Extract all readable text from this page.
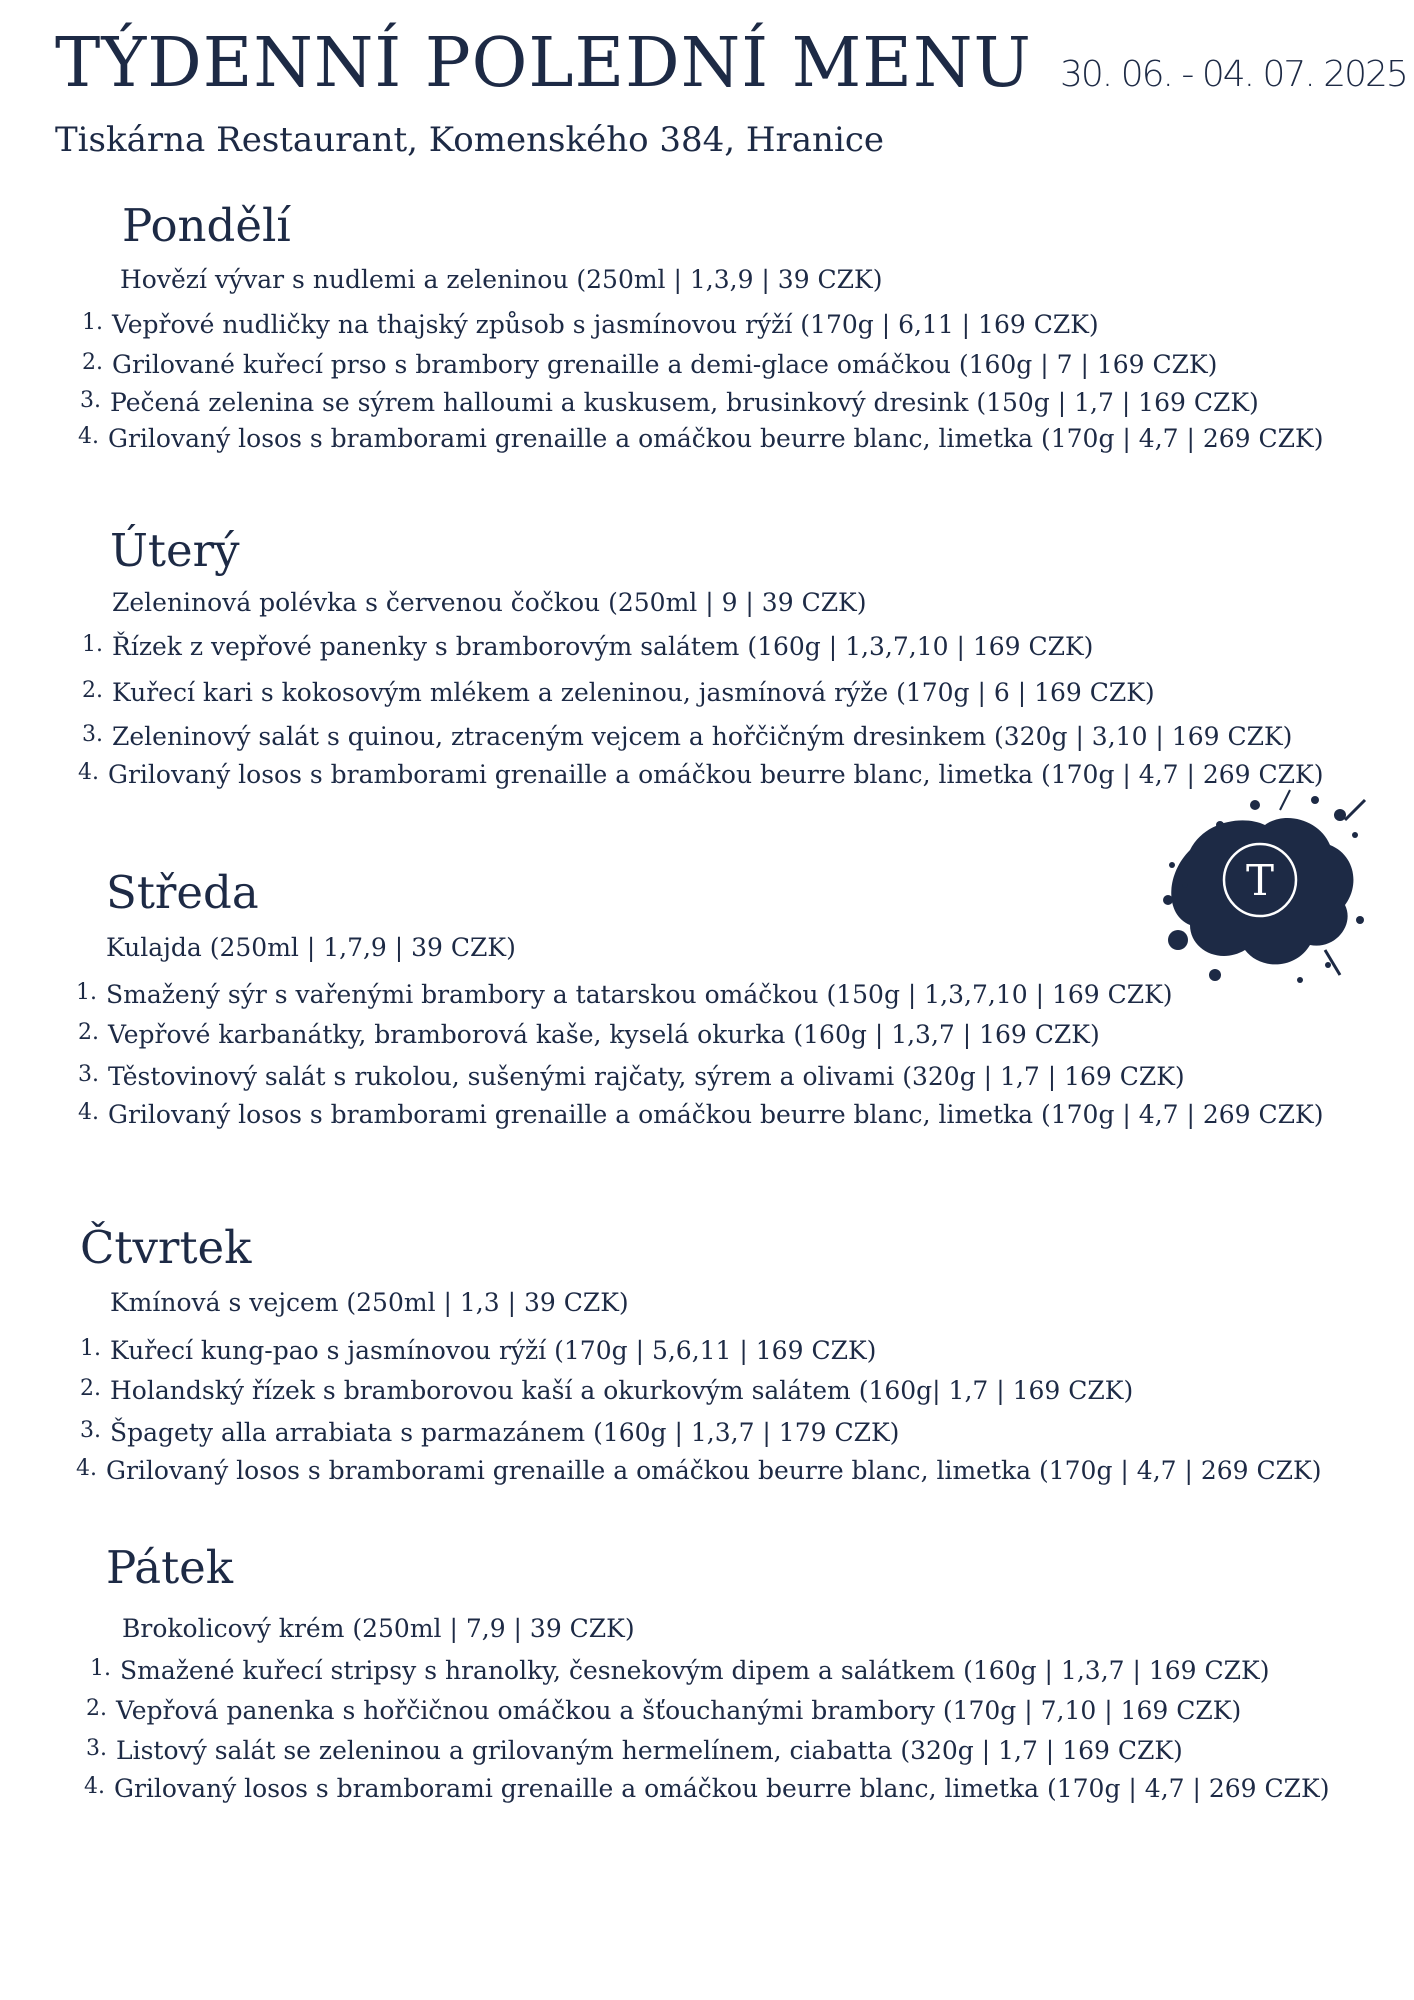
TÝDENNÍ POLEDNÍ MENU 30. 06. - 04. 07. 2025
Tiskárna Restaurant, Komenského 384, Hranice
T
Pondělí
Hovězí vývar s nudlemi a zeleninou (250ml | 1,3,9 | 39 CZK)
1. Vepřové nudličky na thajský způsob s jasmínovou rýží (170g | 6,11 | 169 CZK)
2. Grilované kuřecí prso s brambory grenaille a demi-glace omáčkou (160g | 7 | 169 CZK)
3. Pečená zelenina se sýrem halloumi a kuskusem, brusinkový dresink (150g | 1,7 | 169 CZK)
4. Grilovaný losos s bramborami grenaille a omáčkou beurre blanc, limetka (170g | 4,7 | 269 CZK)
Úterý
Zeleninová polévka s červenou čočkou (250ml | 9 | 39 CZK)
1. Řízek z vepřové panenky s bramborovým salátem (160g | 1,3,7,10 | 169 CZK)
2. Kuřecí kari s kokosovým mlékem a zeleninou, jasmínová rýže (170g | 6 | 169 CZK)
3. Zeleninový salát s quinou, ztraceným vejcem a hořčičným dresinkem (320g | 3,10 | 169 CZK)
4. Grilovaný losos s bramborami grenaille a omáčkou beurre blanc, limetka (170g | 4,7 | 269 CZK)
Středa
Kulajda (250ml | 1,7,9 | 39 CZK)
1. Smažený sýr s vařenými brambory a tatarskou omáčkou (150g | 1,3,7,10 | 169 CZK)
2. Vepřové karbanátky, bramborová kaše, kyselá okurka (160g | 1,3,7 | 169 CZK)
3. Těstovinový salát s rukolou, sušenými rajčaty, sýrem a olivami (320g | 1,7 | 169 CZK)
4. Grilovaný losos s bramborami grenaille a omáčkou beurre blanc, limetka (170g | 4,7 | 269 CZK)
Čtvrtek
Kmínová s vejcem (250ml | 1,3 | 39 CZK)
1. Kuřecí kung-pao s jasmínovou rýží (170g | 5,6,11 | 169 CZK)
2. Holandský řízek s bramborovou kaší a okurkovým salátem (160g| 1,7 | 169 CZK)
3. Špagety alla arrabiata s parmazánem (160g | 1,3,7 | 179 CZK)
4. Grilovaný losos s bramborami grenaille a omáčkou beurre blanc, limetka (170g | 4,7 | 269 CZK)
Pátek
Brokolicový krém (250ml | 7,9 | 39 CZK)
1. Smažené kuřecí stripsy s hranolky, česnekovým dipem a salátkem (160g | 1,3,7 | 169 CZK)
2. Vepřová panenka s hořčičnou omáčkou a šťouchanými brambory (170g | 7,10 | 169 CZK)
3. Listový salát se zeleninou a grilovaným hermelínem, ciabatta (320g | 1,7 | 169 CZK)
4. Grilovaný losos s bramborami grenaille a omáčkou beurre blanc, limetka (170g | 4,7 | 269 CZK)
